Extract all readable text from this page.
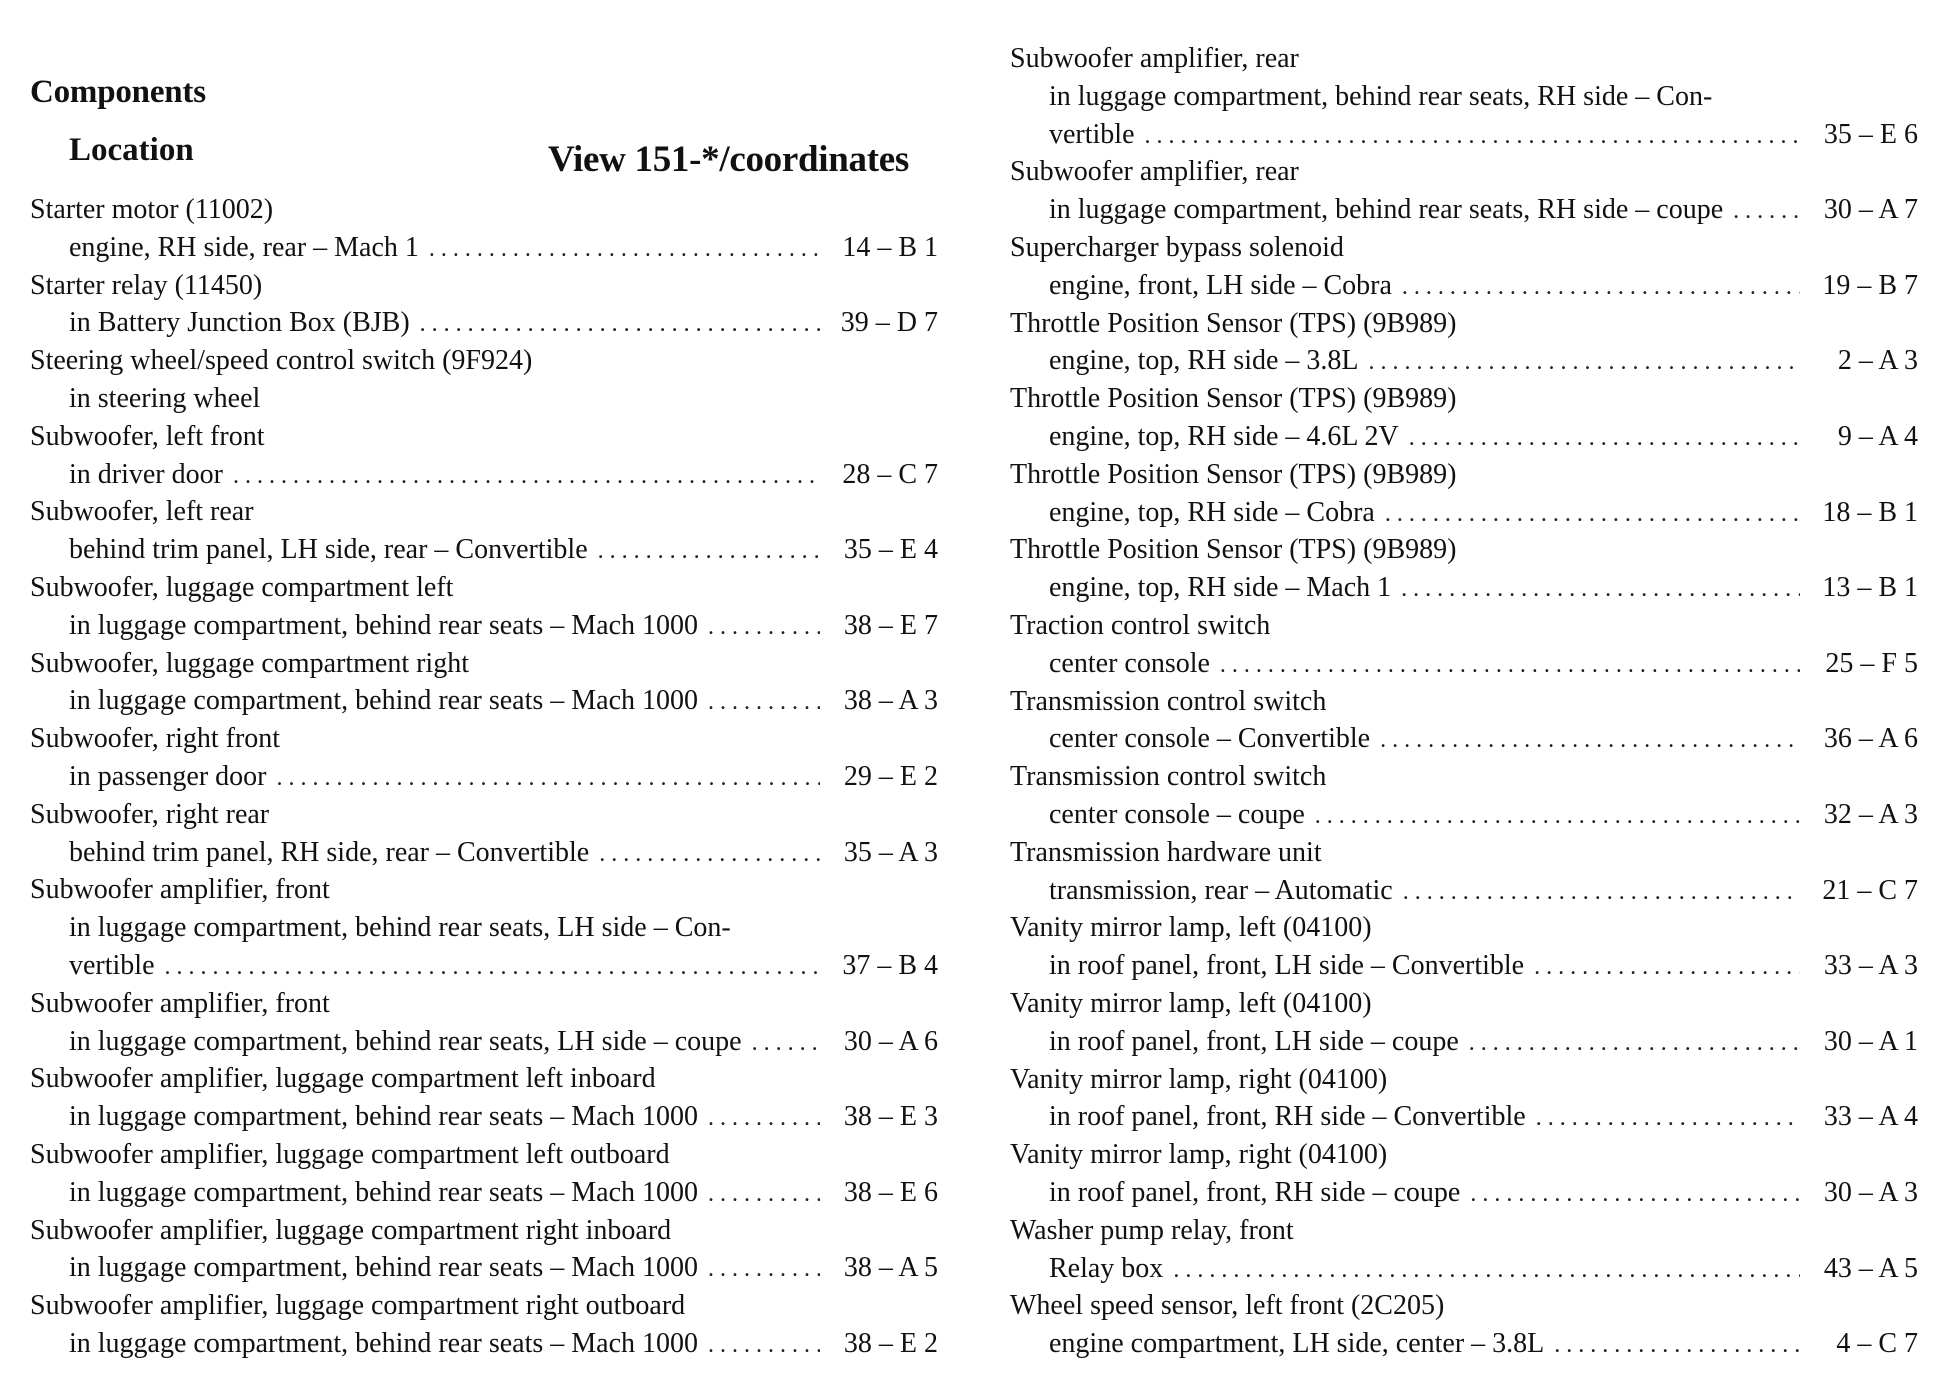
Components
Location	View 151-*/coordinates
Starter motor (11002)
engine, RH side, rear – Mach 1 . . .	14 – B 1
Starter relay (11450)
in Battery Junction Box (BJB) . . .	39 – D 7
Steering wheel/speed control switch (9F924)
in steering wheel
Subwoofer, left front
in driver door . . .	28 – C 7
Subwoofer, left rear
behind trim panel, LH side, rear – Convertible . . .	35 – E 4
Subwoofer, luggage compartment left
in luggage compartment, behind rear seats – Mach 1000 . . .	38 – E 7
Subwoofer, luggage compartment right
in luggage compartment, behind rear seats – Mach 1000 . . .	38 – A 3
Subwoofer, right front
in passenger door . . .	29 – E 2
Subwoofer, right rear
behind trim panel, RH side, rear – Convertible . . .	35 – A 3
Subwoofer amplifier, front
in luggage compartment, behind rear seats, LH side – Con-
vertible . . .	37 – B 4
Subwoofer amplifier, front
in luggage compartment, behind rear seats, LH side – coupe . . .	30 – A 6
Subwoofer amplifier, luggage compartment left inboard
in luggage compartment, behind rear seats – Mach 1000 . . .	38 – E 3
Subwoofer amplifier, luggage compartment left outboard
in luggage compartment, behind rear seats – Mach 1000 . . .	38 – E 6
Subwoofer amplifier, luggage compartment right inboard
in luggage compartment, behind rear seats – Mach 1000 . . .	38 – A 5
Subwoofer amplifier, luggage compartment right outboard
in luggage compartment, behind rear seats – Mach 1000 . . .	38 – E 2
Subwoofer amplifier, rear
in luggage compartment, behind rear seats, RH side – Con-
vertible . . .	35 – E 6
Subwoofer amplifier, rear
in luggage compartment, behind rear seats, RH side – coupe . . .	30 – A 7
Supercharger bypass solenoid
engine, front, LH side – Cobra . . .	19 – B 7
Throttle Position Sensor (TPS) (9B989)
engine, top, RH side – 3.8L . . .	2 – A 3
Throttle Position Sensor (TPS) (9B989)
engine, top, RH side – 4.6L 2V . . .	9 – A 4
Throttle Position Sensor (TPS) (9B989)
engine, top, RH side – Cobra . . .	18 – B 1
Throttle Position Sensor (TPS) (9B989)
engine, top, RH side – Mach 1 . . .	13 – B 1
Traction control switch
center console . . .	25 – F 5
Transmission control switch
center console – Convertible . . .	36 – A 6
Transmission control switch
center console – coupe . . .	32 – A 3
Transmission hardware unit
transmission, rear – Automatic . . .	21 – C 7
Vanity mirror lamp, left (04100)
in roof panel, front, LH side – Convertible . . .	33 – A 3
Vanity mirror lamp, left (04100)
in roof panel, front, LH side – coupe . . .	30 – A 1
Vanity mirror lamp, right (04100)
in roof panel, front, RH side – Convertible . . .	33 – A 4
Vanity mirror lamp, right (04100)
in roof panel, front, RH side – coupe . . .	30 – A 3
Washer pump relay, front
Relay box . . .	43 – A 5
Wheel speed sensor, left front (2C205)
engine compartment, LH side, center – 3.8L . . .	4 – C 7
